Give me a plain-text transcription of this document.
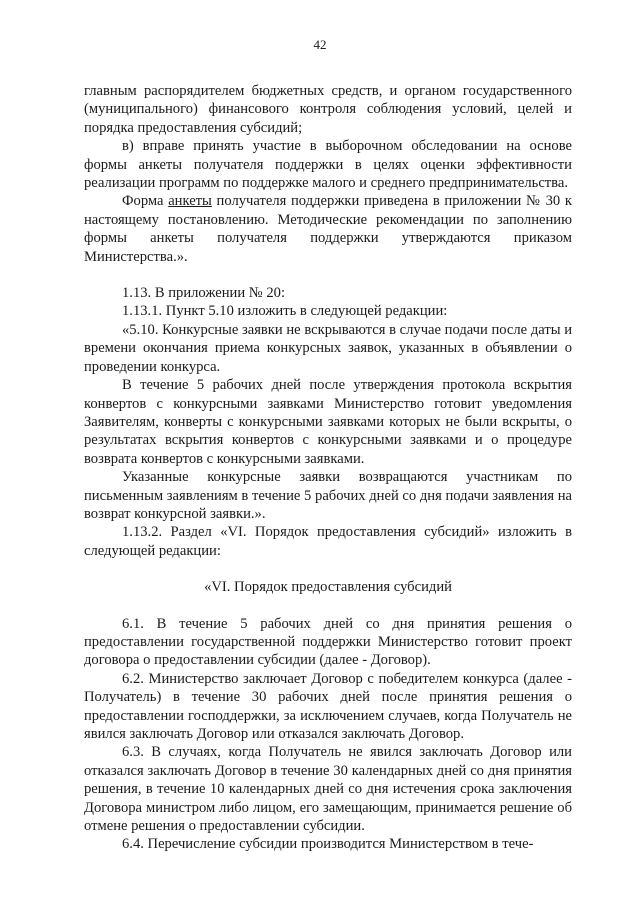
42

главным распорядителем бюджетных средств, и органом государственного (муниципального) финансового контроля соблюдения условий, целей и порядка предоставления субсидий;

в) вправе принять участие в выборочном обследовании на основе формы анкеты получателя поддержки в целях оценки эффективности реализации программ по поддержке малого и среднего предпринимательства.

Форма анкеты получателя поддержки приведена в приложении № 30 к настоящему постановлению. Методические рекомендации по заполнению формы анкеты получателя поддержки утверждаются приказом Министерства.».

1.13. В приложении № 20:

1.13.1. Пункт 5.10 изложить в следующей редакции:

«5.10. Конкурсные заявки не вскрываются в случае подачи после даты и времени окончания приема конкурсных заявок, указанных в объявлении о проведении конкурса.

В течение 5 рабочих дней после утверждения протокола вскрытия конвертов с конкурсными заявками Министерство готовит уведомления Заявителям, конверты с конкурсными заявками которых не были вскрыты, о результатах вскрытия конвертов с конкурсными заявками и о процедуре возврата конвертов с конкурсными заявками.

Указанные конкурсные заявки возвращаются участникам по письменным заявлениям в течение 5 рабочих дней со дня подачи заявления на возврат конкурсной заявки.».

1.13.2. Раздел «VI. Порядок предоставления субсидий» изложить в следующей редакции:

«VI. Порядок предоставления субсидий

6.1. В течение 5 рабочих дней со дня принятия решения о предоставлении государственной поддержки Министерство готовит проект договора о предоставлении субсидии (далее - Договор).

6.2. Министерство заключает Договор с победителем конкурса (далее - Получатель) в течение 30 рабочих дней после принятия решения о предоставлении господдержки, за исключением случаев, когда Получатель не явился заключать Договор или отказался заключать Договор.

6.3. В случаях, когда Получатель не явился заключать Договор или отказался заключать Договор в течение 30 календарных дней со дня принятия решения, в течение 10 календарных дней со дня истечения срока заключения Договора министром либо лицом, его замещающим, принимается решение об отмене решения о предоставлении субсидии.

6.4. Перечисление субсидии производится Министерством в тече-
